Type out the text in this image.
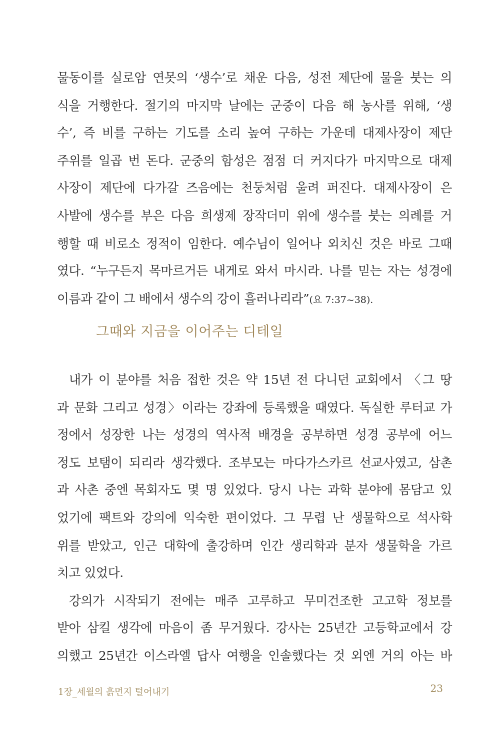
물동이를 실로암 연못의 ‘생수’로 채운 다음, 성전 제단에 물을 붓는 의
식을 거행한다. 절기의 마지막 날에는 군중이 다음 해 농사를 위해, ‘생
수’, 즉 비를 구하는 기도를 소리 높여 구하는 가운데 대제사장이 제단
주위를 일곱 번 돈다. 군중의 함성은 점점 더 커지다가 마지막으로 대제
사장이 제단에 다가갈 즈음에는 천둥처럼 울려 퍼진다. 대제사장이 은
사발에 생수를 부은 다음 희생제 장작더미 위에 생수를 붓는 의례를 거
행할 때 비로소 정적이 임한다. 예수님이 일어나 외치신 것은 바로 그때
였다. “누구든지 목마르거든 내게로 와서 마시라. 나를 믿는 자는 성경에
이름과 같이 그 배에서 생수의 강이 흘러나리라”(요 7:37~38).
그때와 지금을 이어주는 디테일
내가 이 분야를 처음 접한 것은 약 15년 전 다니던 교회에서 〈그 땅
과 문화 그리고 성경〉이라는 강좌에 등록했을 때였다. 독실한 루터교 가
정에서 성장한 나는 성경의 역사적 배경을 공부하면 성경 공부에 어느
정도 보탬이 되리라 생각했다. 조부모는 마다가스카르 선교사였고, 삼촌
과 사촌 중엔 목회자도 몇 명 있었다. 당시 나는 과학 분야에 몸담고 있
었기에 팩트와 강의에 익숙한 편이었다. 그 무렵 난 생물학으로 석사학
위를 받았고, 인근 대학에 출강하며 인간 생리학과 분자 생물학을 가르
치고 있었다.
강의가 시작되기 전에는 매주 고루하고 무미건조한 고고학 정보를
받아 삼킬 생각에 마음이 좀 무거웠다. 강사는 25년간 고등학교에서 강
의했고 25년간 이스라엘 답사 여행을 인솔했다는 것 외엔 거의 아는 바
1장_세월의 흙먼지 털어내기	23
